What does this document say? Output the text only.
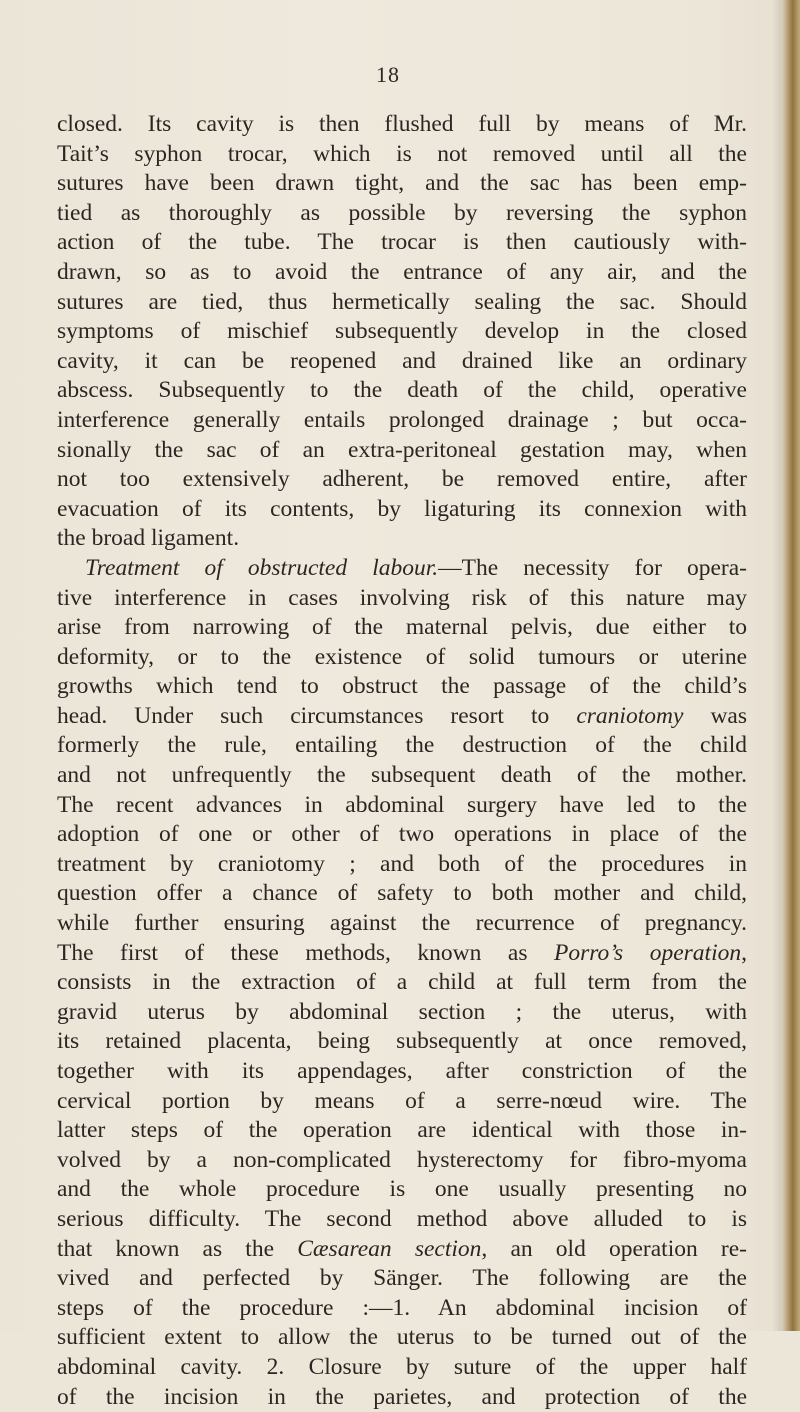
18
closed. Its cavity is then flushed full by means of Mr.
Tait’s syphon trocar, which is not removed until all the
sutures have been drawn tight, and the sac has been emp-
tied as thoroughly as possible by reversing the syphon
action of the tube. The trocar is then cautiously with-
drawn, so as to avoid the entrance of any air, and the
sutures are tied, thus hermetically sealing the sac. Should
symptoms of mischief subsequently develop in the closed
cavity, it can be reopened and drained like an ordinary
abscess. Subsequently to the death of the child, operative
interference generally entails prolonged drainage ; but occa-
sionally the sac of an extra-peritoneal gestation may, when
not too extensively adherent, be removed entire, after
evacuation of its contents, by ligaturing its connexion with
the broad ligament.
Treatment of obstructed labour.—The necessity for opera-
tive interference in cases involving risk of this nature may
arise from narrowing of the maternal pelvis, due either to
deformity, or to the existence of solid tumours or uterine
growths which tend to obstruct the passage of the child’s
head. Under such circumstances resort to craniotomy was
formerly the rule, entailing the destruction of the child
and not unfrequently the subsequent death of the mother.
The recent advances in abdominal surgery have led to the
adoption of one or other of two operations in place of the
treatment by craniotomy ; and both of the procedures in
question offer a chance of safety to both mother and child,
while further ensuring against the recurrence of pregnancy.
The first of these methods, known as Porro’s operation,
consists in the extraction of a child at full term from the
gravid uterus by abdominal section ; the uterus, with
its retained placenta, being subsequently at once removed,
together with its appendages, after constriction of the
cervical portion by means of a serre-nœud wire. The
latter steps of the operation are identical with those in-
volved by a non-complicated hysterectomy for fibro-myoma
and the whole procedure is one usually presenting no
serious difficulty. The second method above alluded to is
that known as the Cæsarean section, an old operation re-
vived and perfected by Sänger. The following are the
steps of the procedure :—1. An abdominal incision of
sufficient extent to allow the uterus to be turned out of the
abdominal cavity. 2. Closure by suture of the upper half
of the incision in the parietes, and protection of the
